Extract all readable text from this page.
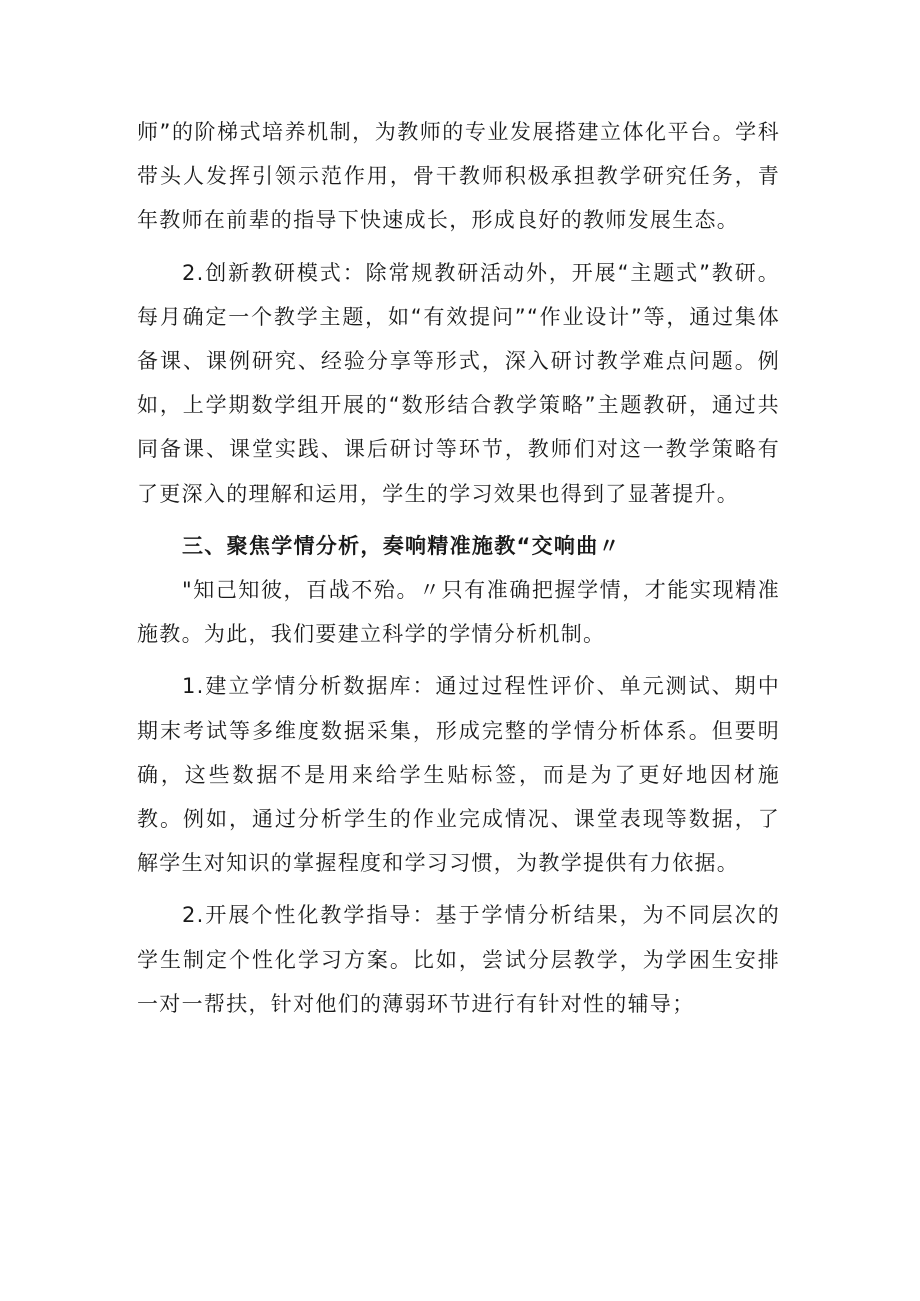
师”的阶梯式培养机制，为教师的专业发展搭建立体化平台。学科带头人发挥引领示范作用，骨干教师积极承担教学研究任务，青年教师在前辈的指导下快速成长，形成良好的教师发展生态。

2.创新教研模式：除常规教研活动外，开展“主题式”教研。每月确定一个教学主题，如“有效提问”“作业设计”等，通过集体备课、课例研究、经验分享等形式，深入研讨教学难点问题。例如，上学期数学组开展的“数形结合教学策略”主题教研，通过共同备课、课堂实践、课后研讨等环节，教师们对这一教学策略有了更深入的理解和运用，学生的学习效果也得到了显著提升。

三、聚焦学情分析，奏响精准施教“交响曲〃

"知己知彼，百战不殆。〃只有准确把握学情，才能实现精准施教。为此，我们要建立科学的学情分析机制。

1.建立学情分析数据库：通过过程性评价、单元测试、期中期末考试等多维度数据采集，形成完整的学情分析体系。但要明确，这些数据不是用来给学生贴标签，而是为了更好地因材施教。例如，通过分析学生的作业完成情况、课堂表现等数据，了解学生对知识的掌握程度和学习习惯，为教学提供有力依据。

2.开展个性化教学指导：基于学情分析结果，为不同层次的学生制定个性化学习方案。比如，尝试分层教学，为学困生安排一对一帮扶，针对他们的薄弱环节进行有针对性的辅导；
